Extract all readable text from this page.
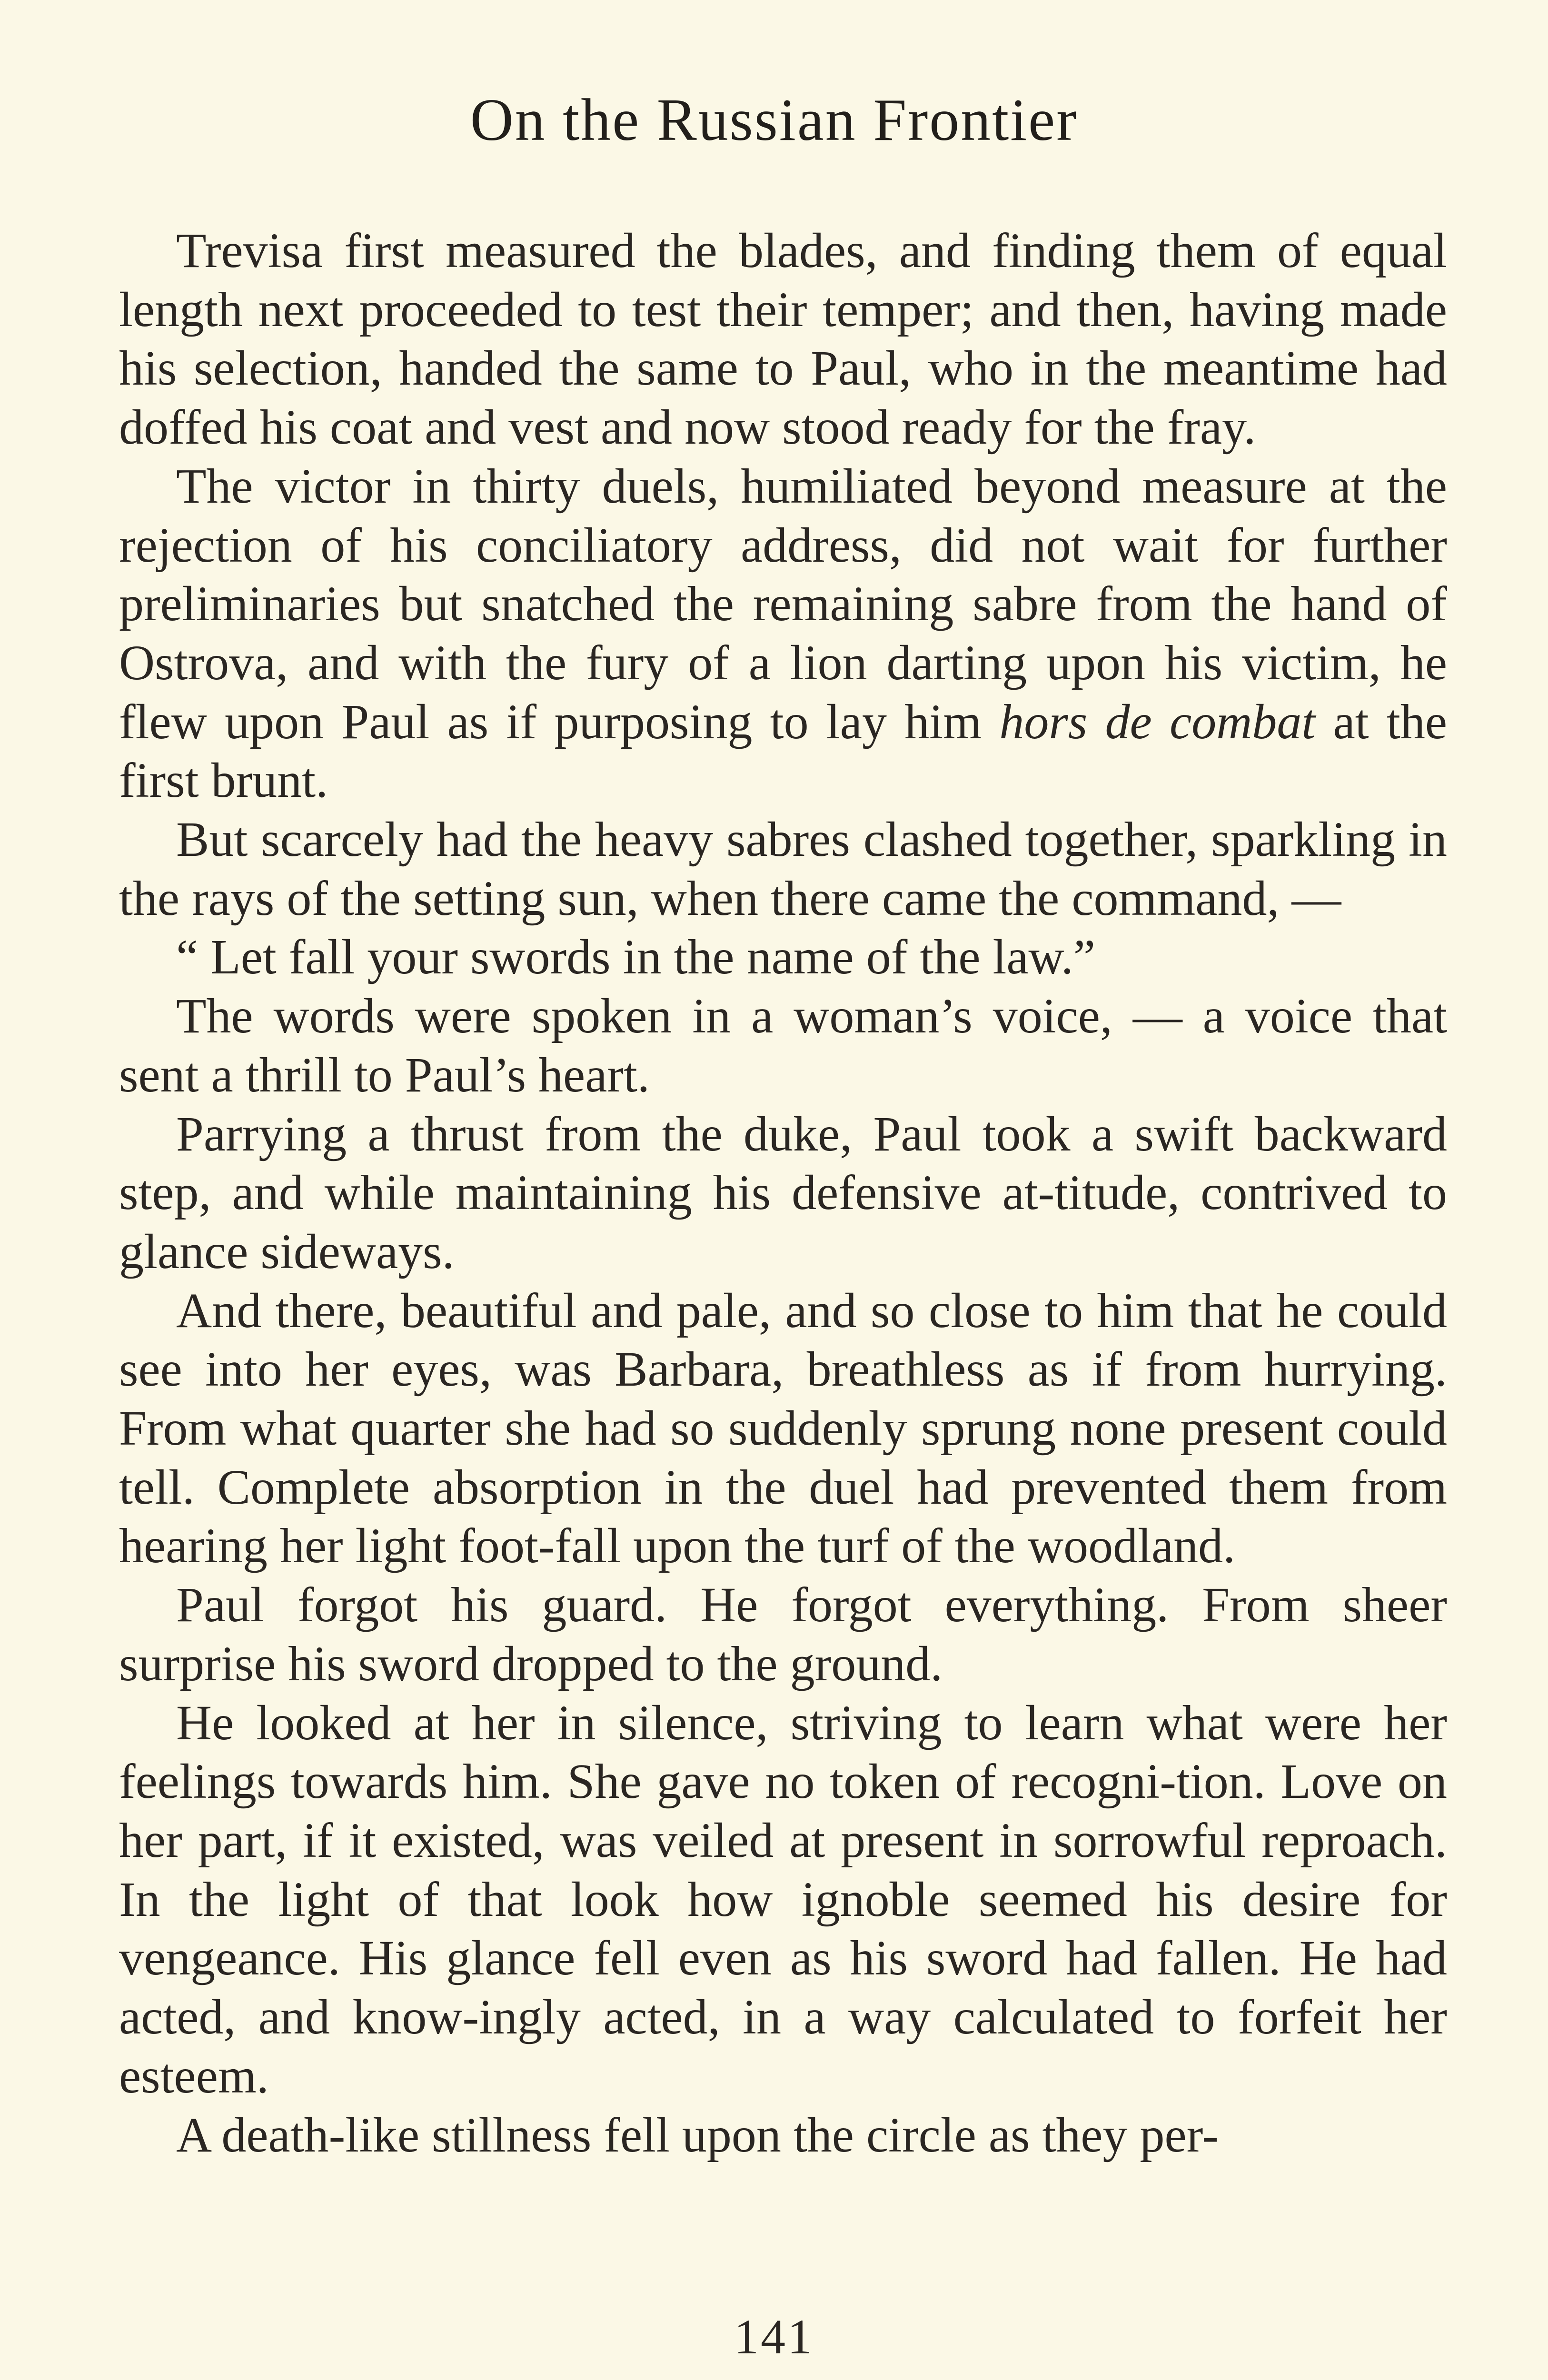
On the Russian Frontier

Trevisa first measured the blades, and finding them of equal length next proceeded to test their temper; and then, having made his selection, handed the same to Paul, who in the meantime had doffed his coat and vest and now stood ready for the fray.

The victor in thirty duels, humiliated beyond measure at the rejection of his conciliatory address, did not wait for further preliminaries but snatched the remaining sabre from the hand of Ostrova, and with the fury of a lion darting upon his victim, he flew upon Paul as if purposing to lay him hors de combat at the first brunt.

But scarcely had the heavy sabres clashed together, sparkling in the rays of the setting sun, when there came the command, —

“ Let fall your swords in the name of the law.”

The words were spoken in a woman’s voice, — a voice that sent a thrill to Paul’s heart.

Parrying a thrust from the duke, Paul took a swift backward step, and while maintaining his defensive at-titude, contrived to glance sideways.

And there, beautiful and pale, and so close to him that he could see into her eyes, was Barbara, breathless as if from hurrying. From what quarter she had so suddenly sprung none present could tell. Complete absorption in the duel had prevented them from hearing her light foot-fall upon the turf of the woodland.

Paul forgot his guard. He forgot everything. From sheer surprise his sword dropped to the ground.

He looked at her in silence, striving to learn what were her feelings towards him. She gave no token of recogni-tion. Love on her part, if it existed, was veiled at present in sorrowful reproach. In the light of that look how ignoble seemed his desire for vengeance. His glance fell even as his sword had fallen. He had acted, and know-ingly acted, in a way calculated to forfeit her esteem.

A death-like stillness fell upon the circle as they per-

141
